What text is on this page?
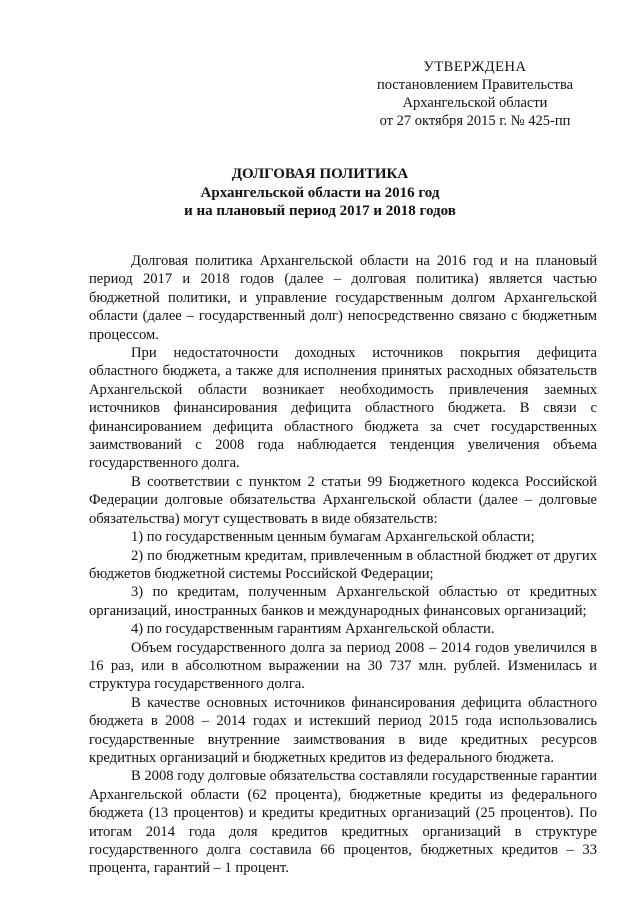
УТВЕРЖДЕНА
постановлением Правительства
Архангельской области
от 27 октября 2015 г. № 425-пп
ДОЛГОВАЯ ПОЛИТИКА
Архангельской области на 2016 год
и на плановый период 2017 и 2018 годов

Долговая политика Архангельской области на 2016 год и на плановый период 2017 и 2018 годов (далее – долговая политика) является частью бюджетной политики, и управление государственным долгом Архангельской области (далее – государственный долг) непосредственно связано с бюджетным процессом.

При недостаточности доходных источников покрытия дефицита областного бюджета, а также для исполнения принятых расходных обязательств Архангельской области возникает необходимость привлечения заемных источников финансирования дефицита областного бюджета. В связи с финансированием дефицита областного бюджета за счет государственных заимствований с 2008 года наблюдается тенденция увеличения объема государственного долга.

В соответствии с пунктом 2 статьи 99 Бюджетного кодекса Российской Федерации долговые обязательства Архангельской области (далее – долговые обязательства) могут существовать в виде обязательств:

1) по государственным ценным бумагам Архангельской области;

2) по бюджетным кредитам, привлеченным в областной бюджет от других бюджетов бюджетной системы Российской Федерации;

3) по кредитам, полученным Архангельской областью от кредитных организаций, иностранных банков и международных финансовых организаций;

4) по государственным гарантиям Архангельской области.

Объем государственного долга за период 2008 – 2014 годов увеличился в 16 раз, или в абсолютном выражении на 30 737 млн. рублей. Изменилась и структура государственного долга.

В качестве основных источников финансирования дефицита областного бюджета в 2008 – 2014 годах и истекший период 2015 года использовались государственные внутренние заимствования в виде кредитных ресурсов кредитных организаций и бюджетных кредитов из федерального бюджета.

В 2008 году долговые обязательства составляли государственные гарантии Архангельской области (62 процента), бюджетные кредиты из федерального бюджета (13 процентов) и кредиты кредитных организаций (25 процентов). По итогам 2014 года доля кредитов кредитных организаций в структуре государственного долга составила 66 процентов, бюджетных кредитов – 33 процента, гарантий – 1 процент.
